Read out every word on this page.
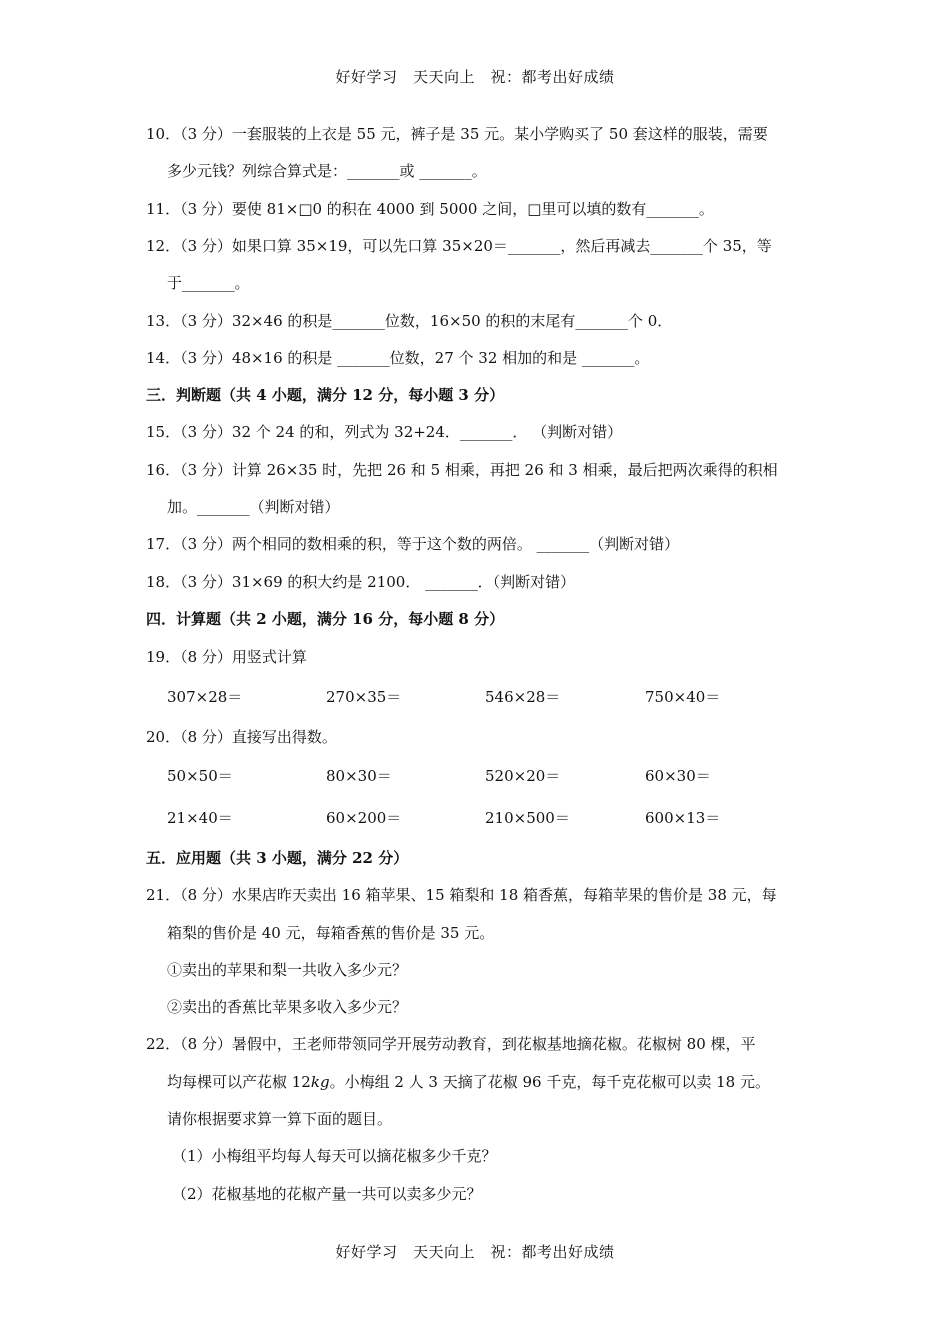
好好学习　天天向上　祝：都考出好成绩
10．（3 分）一套服装的上衣是 55 元，裤子是 35 元。某小学购买了 50 套这样的服装，需要
多少元钱？列综合算式是：_______或 _______。
11．（3 分）要使 81×□0 的积在 4000 到 5000 之间，□里可以填的数有_______。
12．（3 分）如果口算 35×19，可以先口算 35×20＝_______，然后再减去_______个 35，等
于_______。
13．（3 分）32×46 的积是_______位数，16×50 的积的末尾有_______个 0．
14．（3 分）48×16 的积是 _______位数，27 个 32 相加的和是 _______。
三．判断题（共 4 小题，满分 12 分，每小题 3 分）
15．（3 分）32 个 24 的和，列式为 32+24．_______． （判断对错）
16．（3 分）计算 26×35 时，先把 26 和 5 相乘，再把 26 和 3 相乘，最后把两次乘得的积相
加。_______（判断对错）
17．（3 分）两个相同的数相乘的积，等于这个数的两倍。 _______（判断对错）
18．（3 分）31×69 的积大约是 2100． _______．（判断对错）
四．计算题（共 2 小题，满分 16 分，每小题 8 分）
19．（8 分）用竖式计算
307×28＝	270×35＝	546×28＝	750×40＝
20．（8 分）直接写出得数。
50×50＝	80×30＝	520×20＝	60×30＝
21×40＝	60×200＝	210×500＝	600×13＝
五．应用题（共 3 小题，满分 22 分）
21．（8 分）水果店昨天卖出 16 箱苹果、15 箱梨和 18 箱香蕉，每箱苹果的售价是 38 元，每
箱梨的售价是 40 元，每箱香蕉的售价是 35 元。
①卖出的苹果和梨一共收入多少元？
②卖出的香蕉比苹果多收入多少元？
22．（8 分）暑假中，王老师带领同学开展劳动教育，到花椒基地摘花椒。花椒树 80 棵，平
均每棵可以产花椒 12kg。小梅组 2 人 3 天摘了花椒 96 千克，每千克花椒可以卖 18 元。
请你根据要求算一算下面的题目。
（1）小梅组平均每人每天可以摘花椒多少千克？
（2）花椒基地的花椒产量一共可以卖多少元？
好好学习　天天向上　祝：都考出好成绩
